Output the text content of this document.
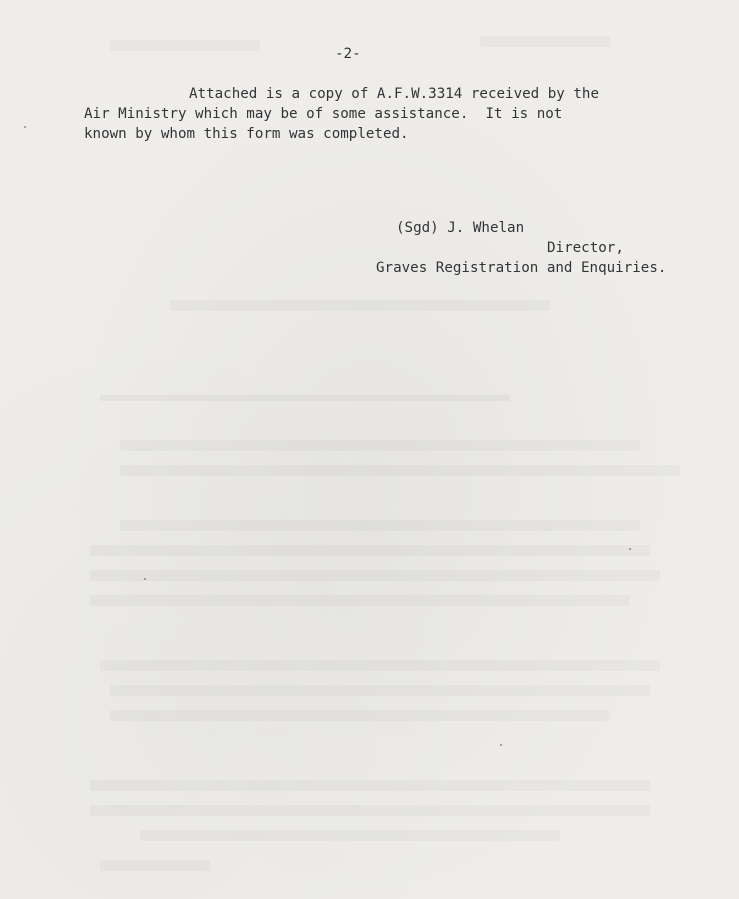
-2-
Attached is a copy of A.F.W.3314 received by the
Air Ministry which may be of some assistance.  It is not
known by whom this form was completed.
(Sgd) J. Whelan
Director,
Graves Registration and Enquiries.
